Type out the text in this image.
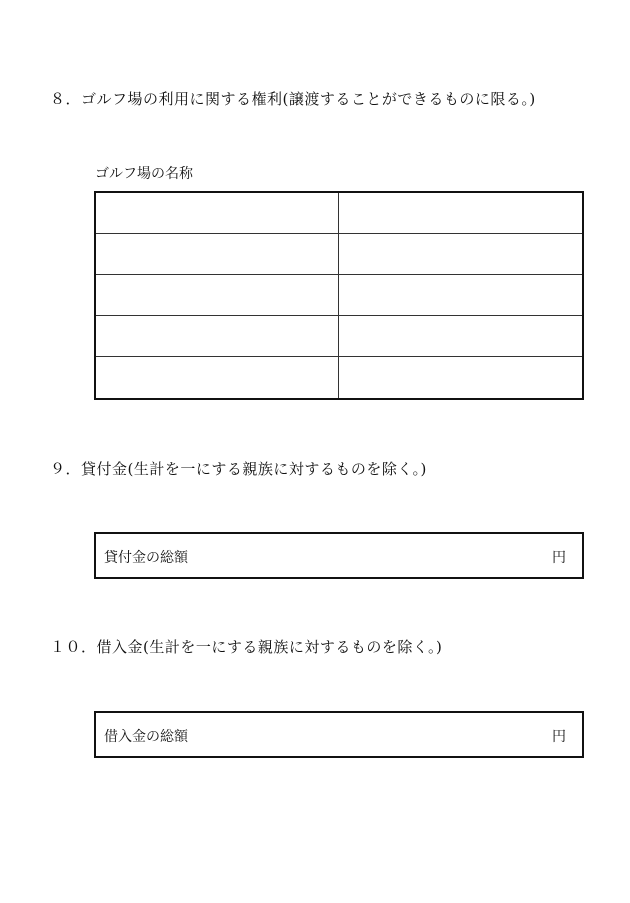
８．ゴルフ場の利用に関する権利(譲渡することができるものに限る。)
ゴルフ場の名称
９．貸付金(生計を一にする親族に対するものを除く。)
貸付金の総額	円
１０．借入金(生計を一にする親族に対するものを除く。)
借入金の総額	円
